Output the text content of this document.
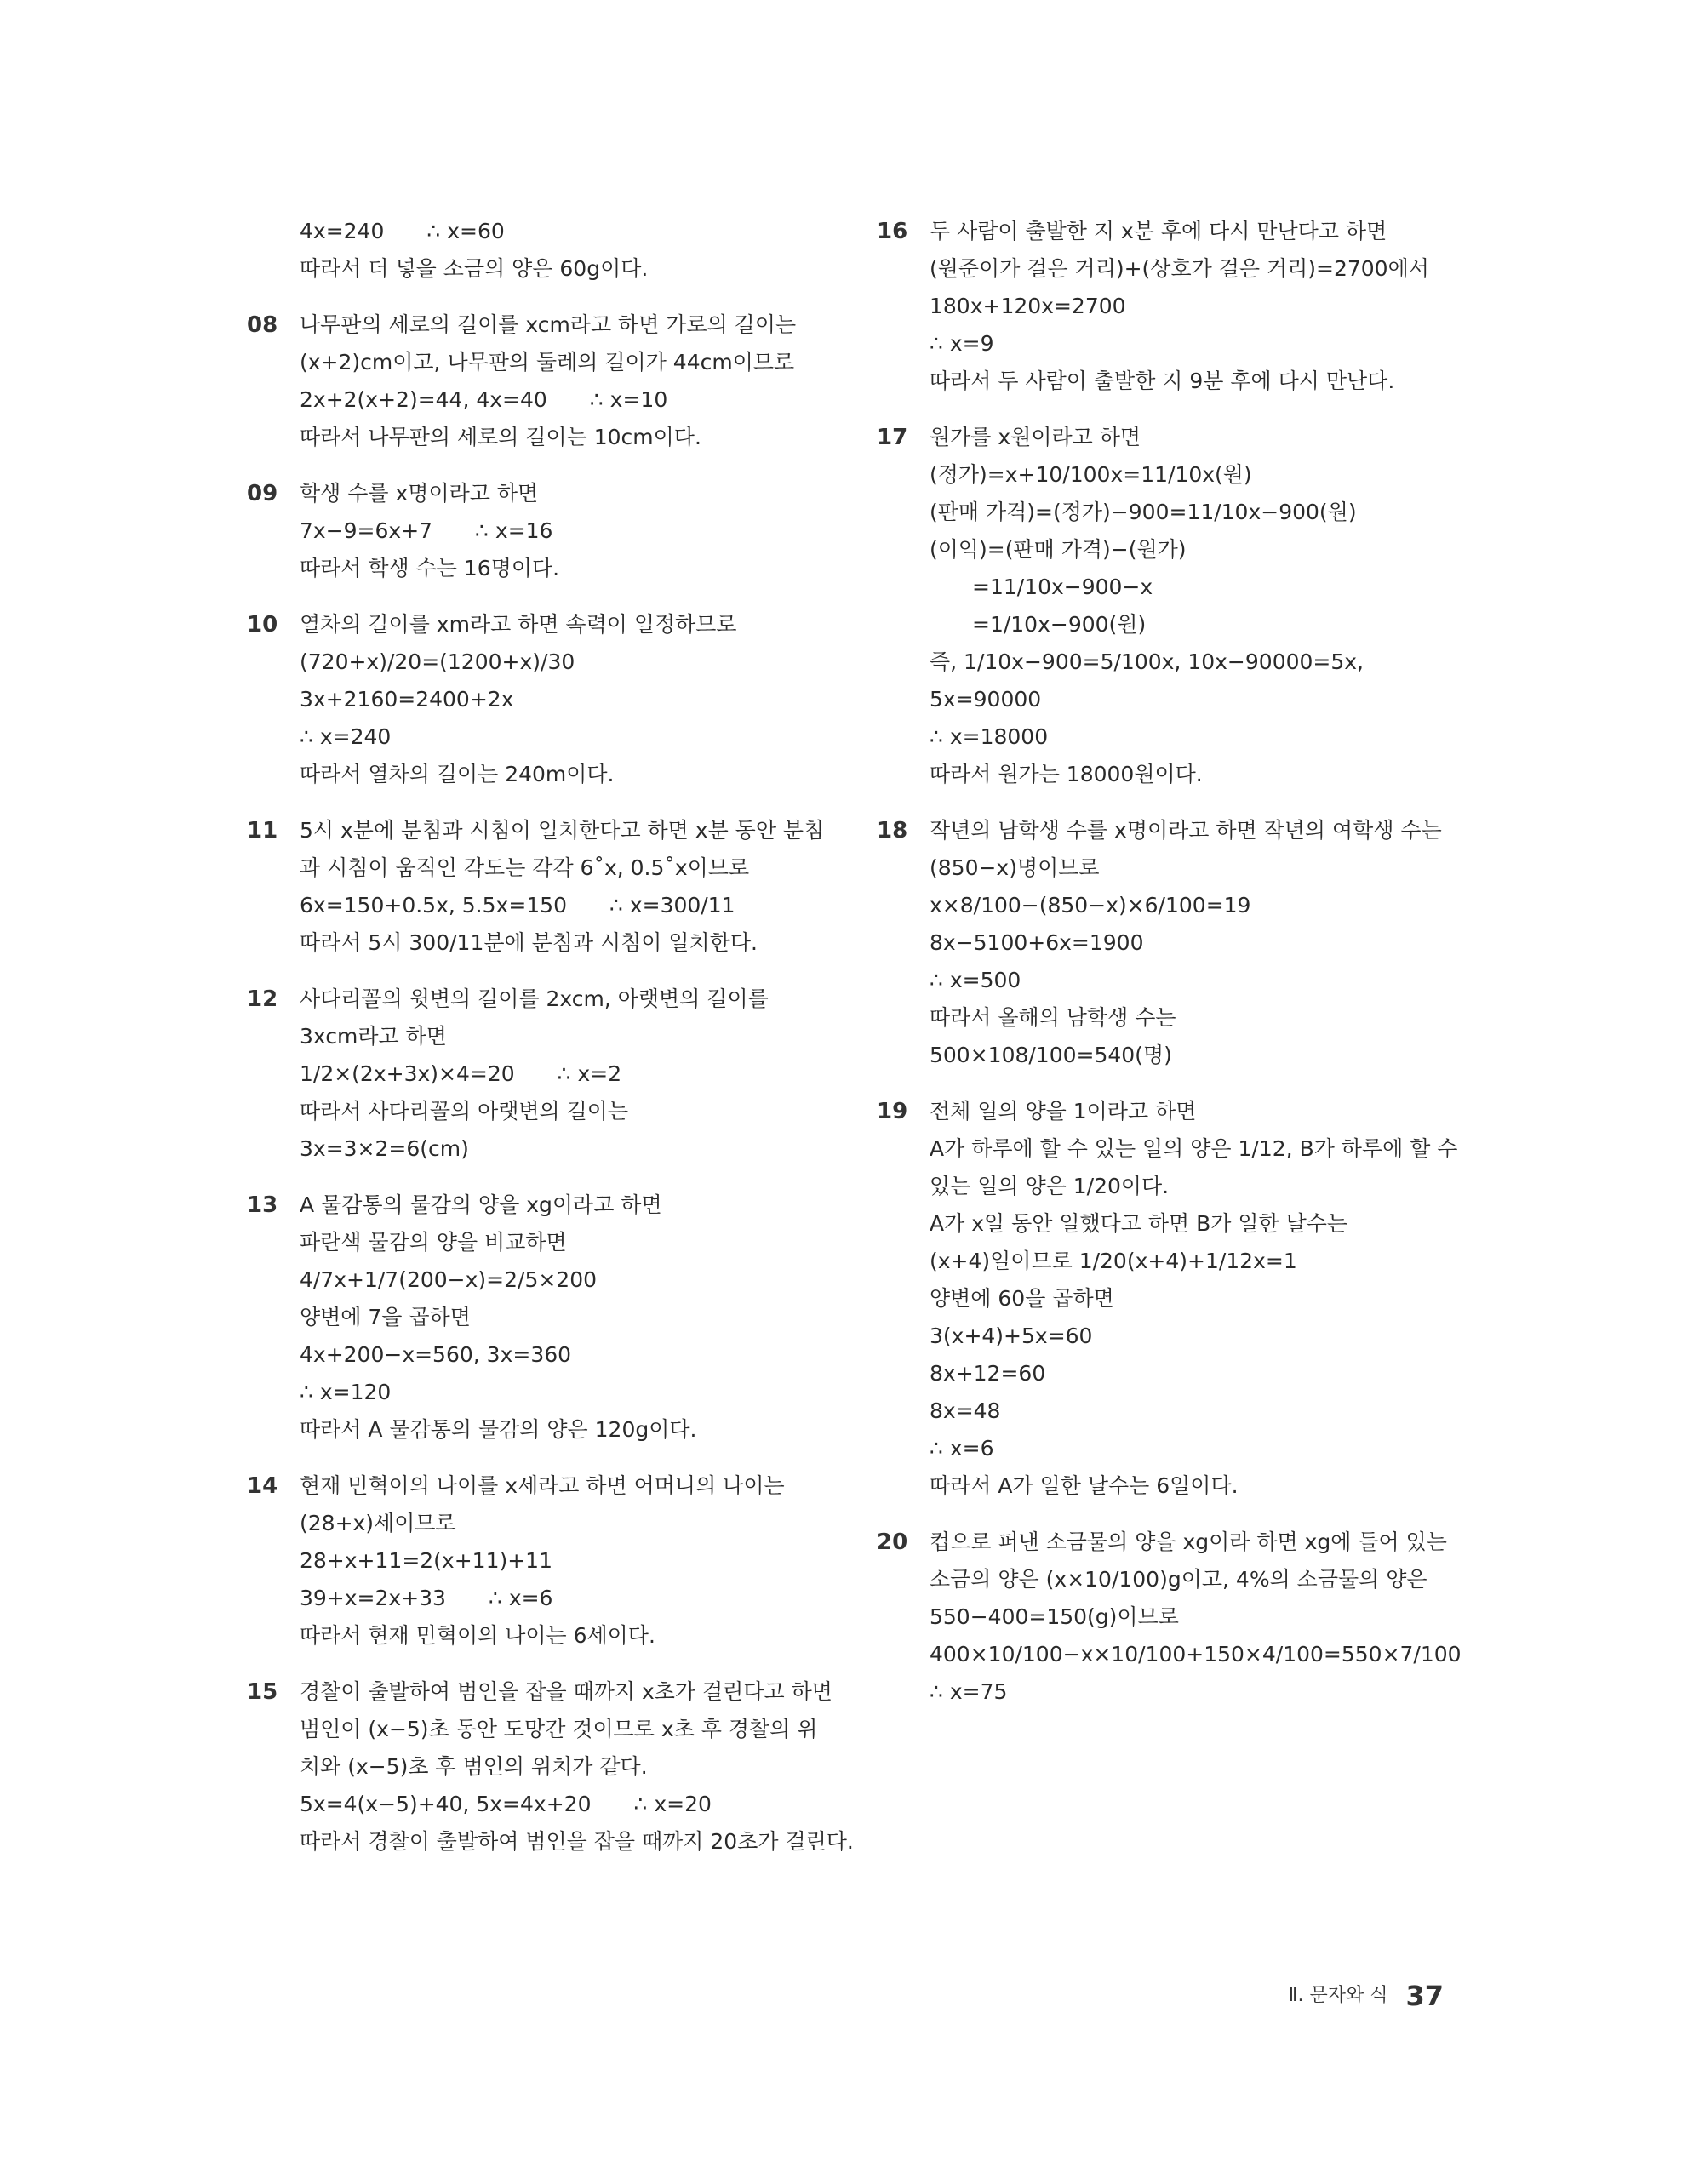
4x=240　　∴ x=60
따라서 더 넣을 소금의 양은 60g이다.
08 나무판의 세로의 길이를 xcm라고 하면 가로의 길이는
(x+2)cm이고, 나무판의 둘레의 길이가 44cm이므로
2x+2(x+2)=44, 4x=40　　∴ x=10
따라서 나무판의 세로의 길이는 10cm이다.
09 학생 수를 x명이라고 하면
7x−9=6x+7　　∴ x=16
따라서 학생 수는 16명이다.
10 열차의 길이를 xm라고 하면 속력이 일정하므로
(720+x)/20=(1200+x)/30
3x+2160=2400+2x
∴ x=240
따라서 열차의 길이는 240m이다.
11 5시 x분에 분침과 시침이 일치한다고 하면 x분 동안 분침
과 시침이 움직인 각도는 각각 6˚x, 0.5˚x이므로
6x=150+0.5x, 5.5x=150　　∴ x=300/11
따라서 5시 300/11분에 분침과 시침이 일치한다.
12 사다리꼴의 윗변의 길이를 2xcm, 아랫변의 길이를
3xcm라고 하면
1/2×(2x+3x)×4=20　　∴ x=2
따라서 사다리꼴의 아랫변의 길이는
3x=3×2=6(cm)
13 A 물감통의 물감의 양을 xg이라고 하면
파란색 물감의 양을 비교하면
4/7x+1/7(200−x)=2/5×200
양변에 7을 곱하면
4x+200−x=560, 3x=360
∴ x=120
따라서 A 물감통의 물감의 양은 120g이다.
14 현재 민혁이의 나이를 x세라고 하면 어머니의 나이는
(28+x)세이므로
28+x+11=2(x+11)+11
39+x=2x+33　　∴ x=6
따라서 현재 민혁이의 나이는 6세이다.
15 경찰이 출발하여 범인을 잡을 때까지 x초가 걸린다고 하면
범인이 (x−5)초 동안 도망간 것이므로 x초 후 경찰의 위
치와 (x−5)초 후 범인의 위치가 같다.
5x=4(x−5)+40, 5x=4x+20　　∴ x=20
따라서 경찰이 출발하여 범인을 잡을 때까지 20초가 걸린다.
16 두 사람이 출발한 지 x분 후에 다시 만난다고 하면
(원준이가 걸은 거리)+(상호가 걸은 거리)=2700에서
180x+120x=2700
∴ x=9
따라서 두 사람이 출발한 지 9분 후에 다시 만난다.
17 원가를 x원이라고 하면
(정가)=x+10/100x=11/10x(원)
(판매 가격)=(정가)−900=11/10x−900(원)
(이익)=(판매 가격)−(원가)
　　=11/10x−900−x
　　=1/10x−900(원)
즉, 1/10x−900=5/100x, 10x−90000=5x,
5x=90000
∴ x=18000
따라서 원가는 18000원이다.
18 작년의 남학생 수를 x명이라고 하면 작년의 여학생 수는
(850−x)명이므로
x×8/100−(850−x)×6/100=19
8x−5100+6x=1900
∴ x=500
따라서 올해의 남학생 수는
500×108/100=540(명)
19 전체 일의 양을 1이라고 하면
A가 하루에 할 수 있는 일의 양은 1/12, B가 하루에 할 수
있는 일의 양은 1/20이다.
A가 x일 동안 일했다고 하면 B가 일한 날수는
(x+4)일이므로 1/20(x+4)+1/12x=1
양변에 60을 곱하면
3(x+4)+5x=60
8x+12=60
8x=48
∴ x=6
따라서 A가 일한 날수는 6일이다.
20 컵으로 퍼낸 소금물의 양을 xg이라 하면 xg에 들어 있는
소금의 양은 (x×10/100)g이고, 4%의 소금물의 양은
550−400=150(g)이므로
400×10/100−x×10/100+150×4/100=550×7/100
∴ x=75
Ⅱ. 문자와 식 37
